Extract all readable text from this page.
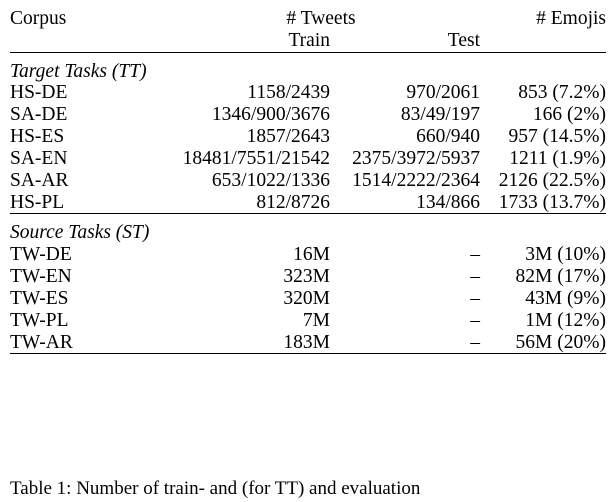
Corpus	# Tweets		# Emojis
	Train	Test	

Target Tasks (TT)			
HS-DE	1158/2439	970/2061	853 (7.2%)
SA-DE	1346/900/3676	83/49/197	166 (2%)
HS-ES	1857/2643	660/940	957 (14.5%)
SA-EN	18481/7551/21542	2375/3972/5937	1211 (1.9%)
SA-AR	653/1022/1336	1514/2222/2364	2126 (22.5%)
HS-PL	812/8726	134/866	1733 (13.7%)

Source Tasks (ST)			
TW-DE	16M	–	3M (10%)
TW-EN	323M	–	82M (17%)
TW-ES	320M	–	43M (9%)
TW-PL	7M	–	1M (12%)
TW-AR	183M	–	56M (20%)

Table 1: Number of train- and (for TT) and evaluation
